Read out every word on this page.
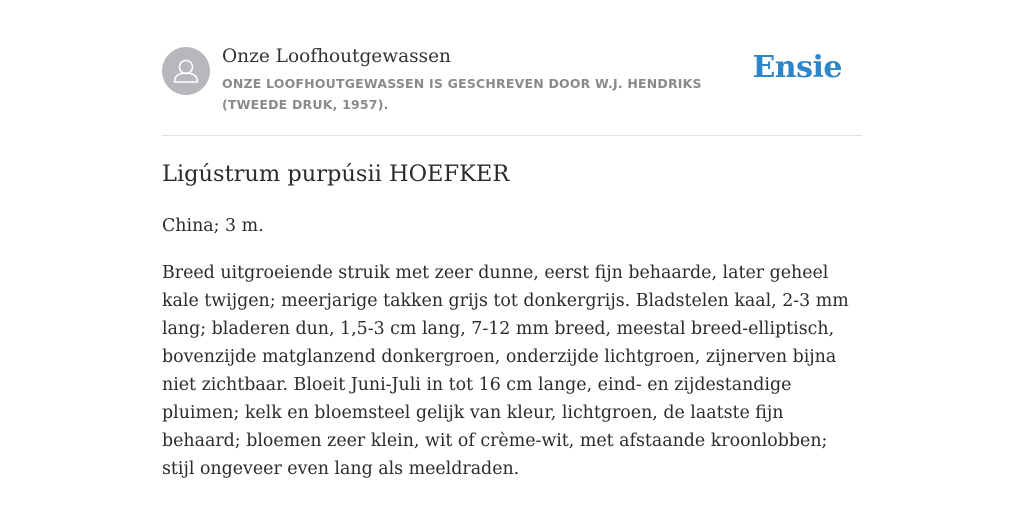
Onze Loofhoutgewassen
ONZE LOOFHOUTGEWASSEN IS GESCHREVEN DOOR W.J. HENDRIKS (TWEEDE DRUK, 1957).
Ensie
Ligústrum purpúsii HOEFKER

China; 3 m.

Breed uitgroeiende struik met zeer dunne, eerst fijn behaarde, later geheel kale twijgen; meerjarige takken grijs tot donkergrijs. Bladstelen kaal, 2-3 mm lang; bladeren dun, 1,5-3 cm lang, 7-12 mm breed, meestal breed-elliptisch, bovenzijde matglanzend donkergroen, onderzijde lichtgroen, zijnerven bijna niet zichtbaar. Bloeit Juni-Juli in tot 16 cm lange, eind- en zijdestandige pluimen; kelk en bloemsteel gelijk van kleur, lichtgroen, de laatste fijn behaard; bloemen zeer klein, wit of crème-wit, met afstaande kroonlobben; stijl ongeveer even lang als meeldraden.
